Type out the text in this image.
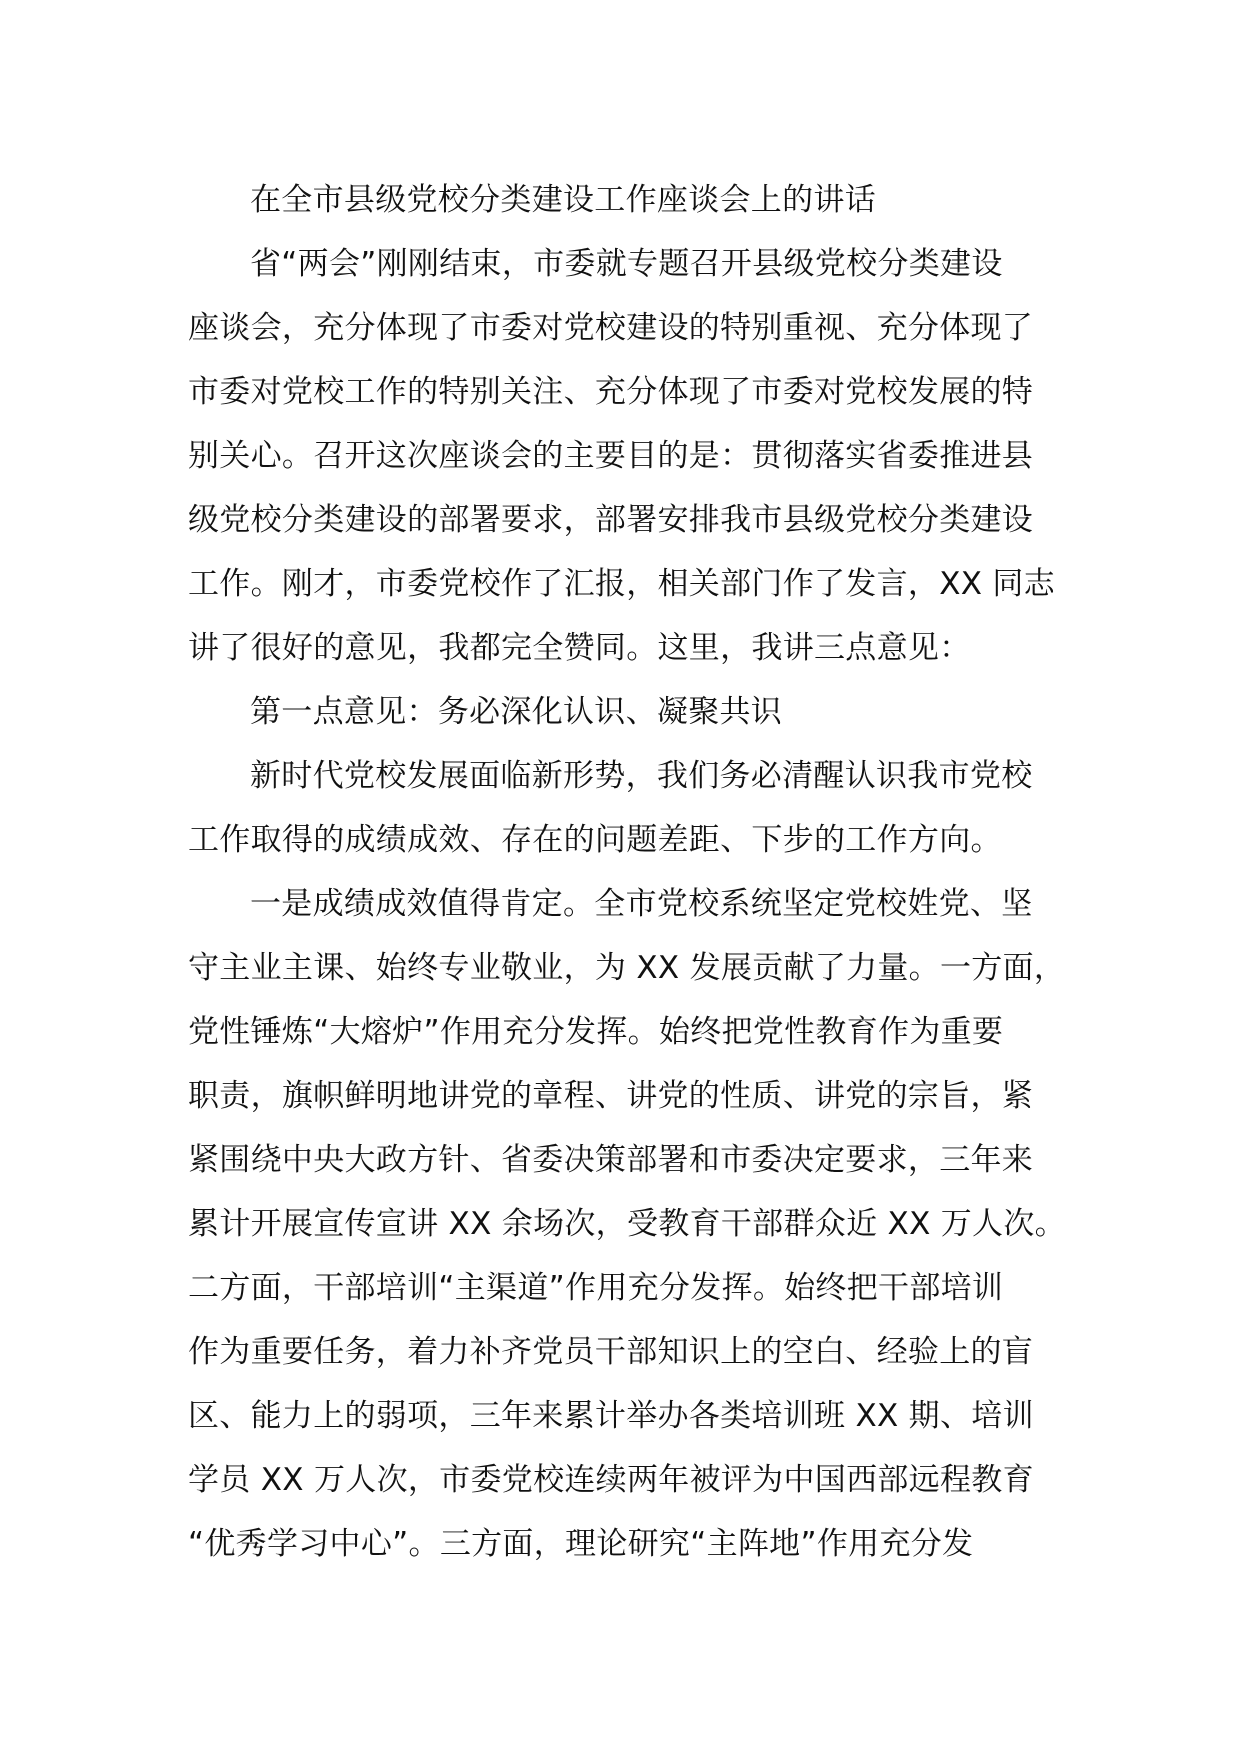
在全市县级党校分类建设工作座谈会上的讲话
省“两会”刚刚结束，市委就专题召开县级党校分类建设
座谈会，充分体现了市委对党校建设的特别重视、充分体现了
市委对党校工作的特别关注、充分体现了市委对党校发展的特
别关心。召开这次座谈会的主要目的是：贯彻落实省委推进县
级党校分类建设的部署要求，部署安排我市县级党校分类建设
工作。刚才，市委党校作了汇报，相关部门作了发言，XX 同志
讲了很好的意见，我都完全赞同。这里，我讲三点意见：
第一点意见：务必深化认识、凝聚共识
新时代党校发展面临新形势，我们务必清醒认识我市党校
工作取得的成绩成效、存在的问题差距、下步的工作方向。
一是成绩成效值得肯定。全市党校系统坚定党校姓党、坚
守主业主课、始终专业敬业，为 XX 发展贡献了力量。一方面，
党性锤炼“大熔炉”作用充分发挥。始终把党性教育作为重要
职责，旗帜鲜明地讲党的章程、讲党的性质、讲党的宗旨，紧
紧围绕中央大政方针、省委决策部署和市委决定要求，三年来
累计开展宣传宣讲 XX 余场次，受教育干部群众近 XX 万人次。
二方面，干部培训“主渠道”作用充分发挥。始终把干部培训
作为重要任务，着力补齐党员干部知识上的空白、经验上的盲
区、能力上的弱项，三年来累计举办各类培训班 XX 期、培训
学员 XX 万人次，市委党校连续两年被评为中国西部远程教育
“优秀学习中心”。三方面，理论研究“主阵地”作用充分发
